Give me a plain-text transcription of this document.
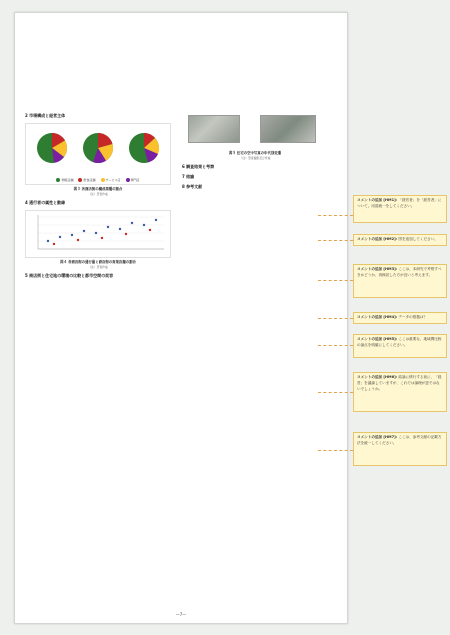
2 市場構成と経営主体
物販店舗	飲食店舗	サービス店	専門店
図３ 各商店街の構成業種の割合
（注）筆者作成
4 通行者の属性と動線
図４ 各商店街の通行量と商店街の営業店舗の割合
（注）筆者作成
5 商店街と住宅地の環境の比較と都市空間の変容
図５ 住宅の空中写真の年代別変遷
（注）筆者撮影及び作成
6 調査結果と考察
7 結論
8 参考文献
—7—
コメントの追加 [HM1]: 「経営者」を「経営者」に ついて。用語統一をしてください。
コメントの追加 [HM2]: 図を追加してください。
コメントの追加 [HM3]: ここは、本研究で考察すべきかどうか、再検討した方が良いと考えます。
コメントの追加 [HM4]: データの根拠は？
コメントの追加 [HM5]: ここは重要な、地域間比較の論点を明確にしてください。
コメントの追加 [HM6]: 結論に移行する前に、「経営」を議論していますが、これでは論理が逆ではないでしょうか。
コメントの追加 [HM7]: ここは、参考文献の記載方法を統一してください。
